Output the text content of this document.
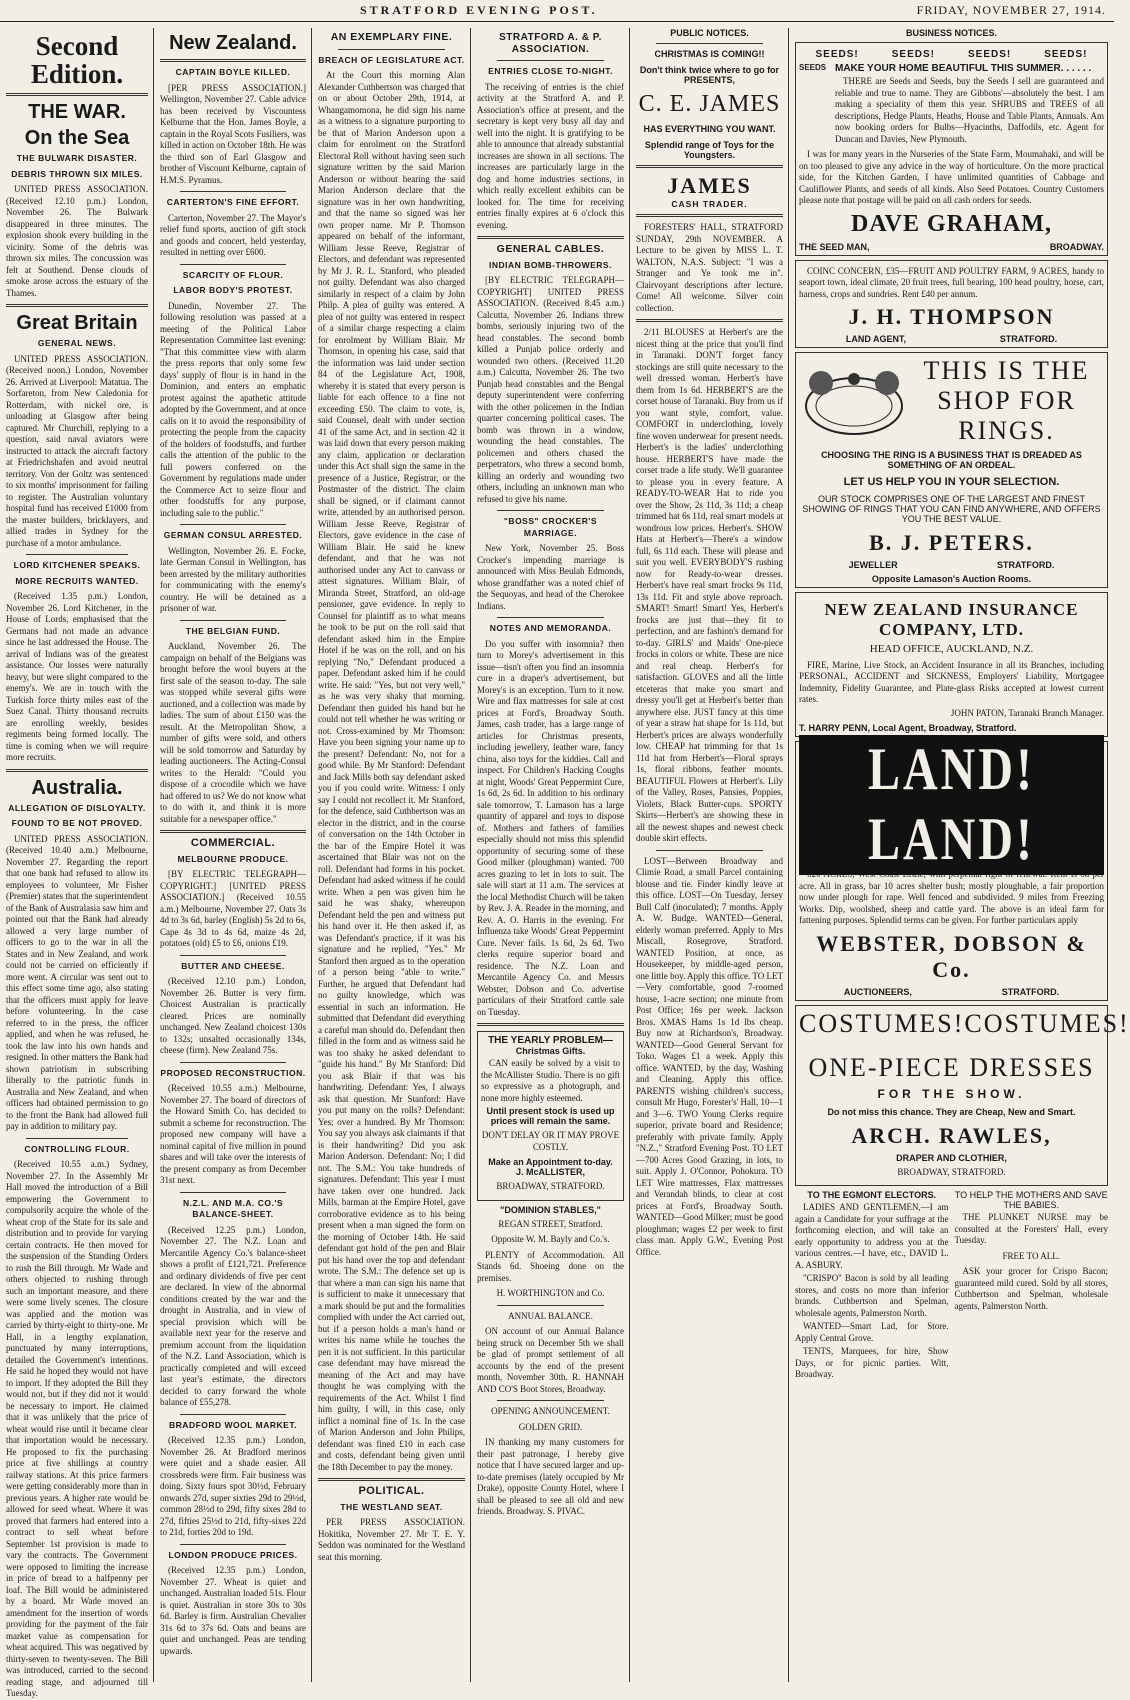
STRATFORD EVENING POST.	FRIDAY, NOVEMBER 27, 1914.
Second Edition.
THE WAR.
On the Sea
THE BULWARK DISASTER.
DEBRIS THROWN SIX MILES.

UNITED PRESS ASSOCIATION. (Received 12.10 p.m.) London, November 26. The Bulwark disappeared in three minutes. The explosion shook every building in the vicinity. Some of the debris was thrown six miles. The concussion was felt at Southend. Dense clouds of smoke arose across the estuary of the Thames.

Great Britain
GENERAL NEWS.

UNITED PRESS ASSOCIATION. (Received noon.) London, November 26. Arrived at Liverpool: Matatua. The Sorfareton, from New Caledonia for Rotterdam, with nickel ore, is unloading at Glasgow after being captured. Mr Churchill, replying to a question, said naval aviators were instructed to attack the aircraft factory at Friedrichshafen and avoid neutral territory. Von der Goltz was sentenced to six months' imprisonment for failing to register. The Australian voluntary hospital fund has received £1000 from the master builders, bricklayers, and allied trades in Sydney for the purchase of a motor ambulance.

LORD KITCHENER SPEAKS.
MORE RECRUITS WANTED.

(Received 1.35 p.m.) London, November 26. Lord Kitchener, in the House of Lords, emphasised that the Germans had not made an advance since he last addressed the House. The arrival of Indians was of the greatest assistance. Our losses were naturally heavy, but were slight compared to the enemy's. We are in touch with the Turkish force thirty miles east of the Suez Canal. Thirty thousand recruits are enrolling weekly, besides regiments being formed locally. The time is coming when we will require more recruits.

Australia.
ALLEGATION OF DISLOYALTY.
FOUND TO BE NOT PROVED.

UNITED PRESS ASSOCIATION. (Received 10.40 a.m.) Melbourne, November 27. Regarding the report that one bank had refused to allow its employees to volunteer, Mr Fisher (Premier) states that the superintendent of the Bank of Australasia saw him and pointed out that the Bank had already allowed a very large number of officers to go to the war in all the States and in New Zealand, and work could not be carried on efficiently if more went. A circular was sent out to this effect some time ago, also stating that the officers must apply for leave before volunteering. In the case referred to in the press, the officer applied, and when he was refused, he took the law into his own hands and resigned. In other matters the Bank had shown patriotism in subscribing liberally to the patriotic funds in Australia and New Zealand, and when officers had obtained permission to go to the front the Bank had allowed full pay in addition to military pay.

CONTROLLING FLOUR.

(Received 10.55 a.m.) Sydney, November 27. In the Assembly Mr Hall moved the introduction of a Bill empowering the Government to compulsorily acquire the whole of the wheat crop of the State for its sale and distribution and to provide for varying certain contracts. He then moved for the suspension of the Standing Orders to rush the Bill through. Mr Wade and others objected to rushing through such an important measure, and there were some lively scenes. The closure was applied and the motion was carried by thirty-eight to thirty-one. Mr Hall, in a lengthy explanation, punctuated by many interruptions, detailed the Government's intentions. He said he hoped they would not have to import. If they adopted the Bill they would not, but if they did not it would be necessary to import. He claimed that it was unlikely that the price of wheat would rise until it became clear that importation would be necessary. He proposed to fix the purchasing price at five shillings at country railway stations. At this price farmers were getting considerably more than in previous years. A higher rate would be allowed for seed wheat. Where it was proved that farmers had entered into a contract to sell wheat before September 1st provision is made to vary the contracts. The Government were opposed to limiting the increase in price of bread to a halfpenny per loaf. The Bill would be administered by a board. Mr Wade moved an amendment for the insertion of words providing for the payment of the fair market value as compensation for wheat acquired. This was negatived by thirty-seven to twenty-seven. The Bill was introduced, carried to the second reading stage, and adjourned till Tuesday.

New Zealand.
CAPTAIN BOYLE KILLED.

[PER PRESS ASSOCIATION.] Wellington, November 27. Cable advice has been received by Viscountess Kelburne that the Hon. James Boyle, a captain in the Royal Scots Fusiliers, was killed in action on October 18th. He was the third son of Earl Glasgow and brother of Viscount Kelburne, captain of H.M.S. Pyramus.

CARTERTON'S FINE EFFORT.

Carterton, November 27. The Mayor's relief fund sports, auction of gift stock and goods and concert, held yesterday, resulted in netting over £600.

SCARCITY OF FLOUR.
LABOR BODY'S PROTEST.

Dunedin, November 27. The following resolution was passed at a meeting of the Political Labor Representation Committee last evening: "That this committee view with alarm the press reports that only some few days' supply of flour is in hand in the Dominion, and enters an emphatic protest against the apathetic attitude adopted by the Government, and at once calls on it to avoid the responsibility of protecting the people from the capacity of the holders of foodstuffs, and further calls the attention of the public to the full powers conferred on the Government by regulations made under the Commerce Act to seize flour and other foodstuffs for any purpose, including sale to the public."

GERMAN CONSUL ARRESTED.

Wellington, November 26. E. Focke, late German Consul in Wellington, has been arrested by the military authorities for communicating with the enemy's country. He will be detained as a prisoner of war.

THE BELGIAN FUND.

Auckland, November 26. The campaign on behalf of the Belgians was brought before the wool buyers at the first sale of the season to-day. The sale was stopped while several gifts were auctioned, and a collection was made by ladies. The sum of about £150 was the result. At the Metropolitan Show, a number of gifts were sold, and others will be sold tomorrow and Saturday by leading auctioneers. The Acting-Consul writes to the Herald: "Could you dispose of a crocodile which we have had offered to us? We do not know what to do with it, and think it is more suitable for a newspaper office."

COMMERCIAL.
MELBOURNE PRODUCE.

[BY ELECTRIC TELEGRAPH—COPYRIGHT.] [UNITED PRESS ASSOCIATION.] (Received 10.55 a.m.) Melbourne, November 27. Oats 3s 4d to 3s 6d, barley (English) 5s 2d to 6s, Cape 4s 3d to 4s 6d, maize 4s 2d, potatoes (old) £5 to £6, onions £19.

BUTTER AND CHEESE.

(Received 12.10 p.m.) London, November 26. Butter is very firm. Choicest Australian is practically cleared. Prices are nominally unchanged. New Zealand choicest 130s to 132s; unsalted occasionally 134s, cheese (firm). New Zealand 75s.

PROPOSED RECONSTRUCTION.

(Received 10.55 a.m.) Melbourne, November 27. The board of directors of the Howard Smith Co. has decided to submit a scheme for reconstruction. The proposed new company will have a nominal capital of five million in pound shares and will take over the interests of the present company as from December 31st next.

N.Z.L. AND M.A. CO.'S BALANCE-SHEET.

(Received 12.25 p.m.) London, November 27. The N.Z. Loan and Mercantile Agency Co.'s balance-sheet shows a profit of £121,721. Preference and ordinary dividends of five per cent are declared. In view of the abnormal conditions created by the war and the drought in Australia, and in view of special provision which will be available next year for the reserve and premium account from the liquidation of the N.Z. Land Association, which is practically completed and will exceed last year's estimate, the directors decided to carry forward the whole balance of £55,278.

BRADFORD WOOL MARKET.

(Received 12.35 p.m.) London, November 26. At Bradford merinos were quiet and a shade easier. All crossbreds were firm. Fair business was doing. Sixty fours spot 30½d, February onwards 27d, super sixties 29d to 29½d, common 28½d to 29d, fifty sixes 28d to 27d, fifties 25½d to 21d, fifty-sixes 22d to 21d, forties 20d to 19d.

LONDON PRODUCE PRICES.

(Received 12.35 p.m.) London, November 27. Wheat is quiet and unchanged. Australian loaded 51s. Flour is quiet. Australian in store 30s to 30s 6d. Barley is firm. Australian Chevalier 31s 6d to 37s 6d. Oats and beans are quiet and unchanged. Peas are tending upwards.

AN EXEMPLARY FINE.
BREACH OF LEGISLATURE ACT.

At the Court this morning Alan Alexander Cuthbertson was charged that on or about October 29th, 1914, at Whangamomona, he did sign his name as a witness to a signature purporting to be that of Marion Anderson upon a claim for enrolment on the Stratford Electoral Roll without having seen such signature written by the said Marion Anderson or without hearing the said Marion Anderson declare that the signature was in her own handwriting, and that the name so signed was her own proper name. Mr P. Thomson appeared on behalf of the informant, William Jesse Reeve, Registrar of Electors, and defendant was represented by Mr J. R. L. Stanford, who pleaded not guilty. Defendant was also charged similarly in respect of a claim by John Philp. A plea of guilty was entered. A plea of not guilty was entered in respect of a similar charge respecting a claim for enrolment by William Blair. Mr Thomson, in opening his case, said that the information was laid under section 84 of the Legislature Act, 1908, whereby it is stated that every person is liable for each offence to a fine not exceeding £50. The claim to vote, is, said Counsel, dealt with under section 41 of the same Act, and in section 42 it was laid down that every person making any claim, application or declaration under this Act shall sign the same in the presence of a Justice, Registrar, or the Postmaster of the district. The claim shall be signed, or if claimant cannot write, attended by an authorised person. William Jesse Reeve, Registrar of Electors, gave evidence in the case of William Blair. He said he knew defendant, and that he was not authorised under any Act to canvass or attest signatures. William Blair, of Miranda Street, Stratford, an old-age pensioner, gave evidence. In reply to Counsel for plaintiff as to what means he took to be put on the roll said that defendant asked him in the Empire Hotel if he was on the roll, and on his replying "No," Defendant produced a paper. Defendant asked him if he could write. He said: "Yes, but not very well," as he was very shaky that morning. Defendant then guided his hand but he could not tell whether he was writing or not. Cross-examined by Mr Thomson: Have you been signing your name up to the present? Defendant: No, not for a good while. By Mr Stanford: Defendant and Jack Mills both say defendant asked you if you could write. Witness: I only say I could not recollect it. Mr Stanford, for the defence, said Cuthbertson was an elector in the district, and in the course of conversation on the 14th October in the bar of the Empire Hotel it was ascertained that Blair was not on the roll. Defendant had forms in his pocket. Defendant had asked witness if he could write. When a pen was given him he said he was shaky, whereupon Defendant held the pen and witness put his hand over it. He then asked if, as was Defendant's practice, if it was his signature and he replied, "Yes." Mr Stanford then argued as to the operation of a person being "able to write." Further, he argued that Defendant had no guilty knowledge, which was essential in such an information. He submitted that Defendant did everything a careful man should do. Defendant then filled in the form and as witness said he was too shaky he asked defendant to "guide his hand." By Mr Stanford: Did you ask Blair if that was his handwriting. Defendant: Yes, I always ask that question. Mr Stanford: Have you put many on the rolls? Defendant: Yes; over a hundred. By Mr Thomson: You say you always ask claimants if that is their handwriting? Did you ask Marion Anderson. Defendant: No; I did not. The S.M.: You take hundreds of signatures. Defendant: This year I must have taken over one hundred. Jack Mills, barman at the Empire Hotel, gave corroborative evidence as to his being present when a man signed the form on the morning of October 14th. He said defendant got hold of the pen and Blair put his hand over the top and defendant wrote. The S.M.: The defence set up is that where a man can sign his name that is sufficient to make it unnecessary that a mark should be put and the formalities complied with under the Act carried out, but if a person holds a man's hand or writes his name while he touches the pen it is not sufficient. In this particular case defendant may have misread the meaning of the Act and may have thought he was complying with the requirements of the Act. Whilst I find him guilty, I will, in this case, only inflict a nominal fine of 1s. In the case of Marion Anderson and John Philips, defendant was fined £10 in each case and costs, defendant being given until the 18th December to pay the money.

POLITICAL.
THE WESTLAND SEAT.

PER PRESS ASSOCIATION. Hokitika, November 27. Mr T. E. Y. Seddon was nominated for the Westland seat this morning.

STRATFORD A. & P. ASSOCIATION.
ENTRIES CLOSE TO-NIGHT.

The receiving of entries is the chief activity at the Stratford A. and P. Association's office at present, and the secretary is kept very busy all day and well into the night. It is gratifying to be able to announce that already substantial increases are shown in all sections. The increases are particularly large in the dog and home industries sections, in which really excellent exhibits can be looked for. The time for receiving entries finally expires at 6 o'clock this evening.

GENERAL CABLES.
INDIAN BOMB-THROWERS.

[BY ELECTRIC TELEGRAPH—COPYRIGHT] UNITED PRESS ASSOCIATION. (Received 8.45 a.m.) Calcutta, November 26. Indians threw bombs, seriously injuring two of the head constables. The second bomb killed a Punjab police orderly and wounded two others. (Received 11.20 a.m.) Calcutta, November 26. The two Punjab head constables and the Bengal deputy superintendent were conferring with the other policemen in the Indian quarter concerning political cases. The bomb was thrown in a window, wounding the head constables. The policemen and others chased the perpetrators, who threw a second bomb, killing an orderly and wounding two others, including an unknown man who refused to give his name.

"BOSS" CROCKER'S MARRIAGE.

New York, November 25. Boss Crocker's impending marriage is announced with Miss Beulah Edmonds, whose grandfather was a noted chief of the Sequoyas, and head of the Cherokee Indians.

NOTES AND MEMORANDA.

Do you suffer with insomnia? then turn to Morey's advertisement in this issue—tisn't often you find an insomnia cure in a draper's advertisement, but Morey's is an exception. Turn to it now. Wire and flax mattresses for sale at cost prices at Ford's, Broadway South. James, cash trader, has a large range of articles for Christmas presents, including jewellery, leather ware, fancy china, also toys for the kiddies. Call and inspect. For Children's Hacking Coughs at night, Woods' Great Peppermint Cure, 1s 6d, 2s 6d. In addition to his ordinary sale tomorrow, T. Lamason has a large quantity of apparel and toys to dispose of. Mothers and fathers of families especially should not miss this splendid opportunity of securing some of these Good milker (ploughman) wanted. 700 acres grazing to let in lots to suit. The sale will start at 11 a.m. The services at the local Methodist Church will be taken by Rev. J. A. Reader in the morning, and Rev. A. O. Harris in the evening. For Influenza take Woods' Great Peppermint Cure. Never fails. 1s 6d, 2s 6d. Two clerks require superior board and residence. The N.Z. Loan and Mercantile Agency Co. and Messrs Webster, Dobson and Co. advertise particulars of their Stratford cattle sale on Tuesday.

THE YEARLY PROBLEM—
Christmas Gifts.

CAN easily be solved by a visit to the McAllister Studio. There is no gift so expressive as a photograph, and none more highly esteemed.

Until present stock is used up prices will remain the same.
DON'T DELAY OR IT MAY PROVE COSTLY.
Make an Appointment to-day.
J. McALLISTER,
BROADWAY, STRATFORD.
"DOMINION STABLES,"
REGAN STREET, Stratford.
Opposite W. M. Bayly and Co.'s.

PLENTY of Accommodation. All Stands 6d. Shoeing done on the premises.

H. WORTHINGTON and Co.
ANNUAL BALANCE.

ON account of our Annual Balance being struck on December 5th we shall be glad of prompt settlement of all accounts by the end of the present month, November 30th. R. HANNAH AND CO'S Boot Stores, Broadway.

OPENING ANNOUNCEMENT.
GOLDEN GRID.

IN thanking my many customers for their past patronage, I hereby give notice that I have secured larger and up-to-date premises (lately occupied by Mr Drake), opposite County Hotel, where I shall be pleased to see all old and new friends. Broadway. S. PIVAC.

PUBLIC NOTICES.
CHRISTMAS IS COMING!!
Don't think twice where to go for PRESENTS,
C. E. JAMES
HAS EVERYTHING YOU WANT.
Splendid range of Toys for the Youngsters.
JAMES
CASH TRADER.

FORESTERS' HALL, STRATFORD SUNDAY, 29th NOVEMBER. A Lecture to be given by MISS L. T. WALTON, N.A.S. Subject: "I was a Stranger and Ye took me in". Clairvoyant descriptions after lecture. Come! All welcome. Silver coin collection.

2/11 BLOUSES at Herbert's are the nicest thing at the price that you'll find in Taranaki. DON'T forget fancy stockings are still quite necessary to the well dressed woman. Herbert's have them from 1s 6d. HERBERT'S are the corset house of Taranaki. Buy from us if you want style, comfort, value. COMFORT in underclothing, lovely fine woven underwear for present needs. Herbert's is the ladies' underclothing house. HERBERT'S have made the corset trade a life study. We'll guarantee to please you in every feature. A READY-TO-WEAR Hat to ride you over the Show, 2s 11d, 3s 11d; a cheap trimmed hat 6s 11d, real smart models at wondrous low prices. Herbert's. SHOW Hats at Herbert's—There's a window full, 6s 11d each. These will please and suit you well. EVERYBODY'S rushing now for Ready-to-wear dresses. Herbert's have real smart frocks 9s 11d, 13s 11d. Fit and style above reproach. SMART! Smart! Smart! Yes, Herbert's frocks are just that—they fit to perfection, and are fashion's demand for to-day. GIRLS' and Maids' One-piece frocks in colors or white. These are nice and real cheap. Herbert's for satisfaction. GLOVES and all the little etceteras that make you smart and dressy you'll get at Herbert's better than anywhere else. JUST fancy at this time of year a straw hat shape for 1s 11d, but Herbert's prices are always wonderfully low. CHEAP hat trimming for that 1s 11d hat from Herbert's—Floral sprays 1s, floral ribbons, feather mounts. BEAUTIFUL Flowers at Herbert's. Lily of the Valley, Roses, Pansies, Poppies, Violets, Black Butter-cups. SPORTY Skirts—Herbert's are showing these in all the newest shapes and newest check double skirt effects.

LOST—Between Broadway and Climie Road, a small Parcel containing blouse and tie. Finder kindly leave at this office. LOST—On Tuesday, Jersey Bull Calf (inoculated); 7 months. Apply A. W. Budge. WANTED—General, elderly woman preferred. Apply to Mrs Miscall, Rosegrove, Stratford. WANTED Position, at once, as Housekeeper, by middle-aged person, one little boy. Apply this office. TO LET—Very comfortable, good 7-roomed house, 1-acre section; one minute from Post Office; 16s per week. Jackson Bros. XMAS Hams 1s 1d lbs cheap. Buy now at Richardson's, Broadway. WANTED—Good General Servant for Toko. Wages £1 a week. Apply this office. WANTED, by the day, Washing and Cleaning. Apply this office. PARENTS wishing children's success, consult Mr Hugo, Forester's' Hall, 10—1 and 3—6. TWO Young Clerks require superior, private board and Residence; preferably with private family. Apply "N.Z.," Stratford Evening Post. TO LET—700 Acres Good Grazing, in lots, to suit. Apply J. O'Connor, Pohokura. TO LET Wire mattresses, Flax mattresses and Verandah blinds, to clear at cost prices at Ford's, Broadway South. WANTED—Good Milker; must be good ploughman; wages £2 per week to first class man. Apply G.W., Evening Post Office.

BUSINESS NOTICES.
SEEDS!	SEEDS!	SEEDS!	SEEDS!
SEEDS MAKE YOUR HOME BEAUTIFUL THIS SUMMER. . . . . .

THERE are Seeds and Seeds, buy the Seeds I sell are guaranteed and reliable and true to name. They are Gibbons'—absolutely the best. I am making a speciality of them this year. SHRUBS and TREES of all descriptions, Hedge Plants, Heaths, House and Table Plants, Annuals. Am now booking orders for Bulbs—Hyacinths, Daffodils, etc. Agent for Duncan and Davies, New Plymouth.

I was for many years in the Nurseries of the State Farm, Moumahaki, and will be on too pleased to give any advice in the way of horticulture. On the more practical side, for the Kitchen Garden, I have unlimited quantities of Cabbage and Cauliflower Plants, and seeds of all kinds. Also Seed Potatoes. Country Customers please note that postage will be paid on all cash orders for seeds.

DAVE GRAHAM,
THE SEED MAN,	BROADWAY.

COINC CONCERN, £35—FRUIT AND POULTRY FARM, 9 ACRES, handy to seaport town, ideal climate, 20 fruit trees, full bearing, 100 head poultry, horse, cart, harness, crops and sundries. Rent £40 per annum.

J. H. THOMPSON
LAND AGENT,	STRATFORD.
THIS IS THE
SHOP FOR
RINGS.
CHOOSING THE RING IS A BUSINESS THAT IS DREADED AS SOMETHING OF AN ORDEAL.
LET US HELP YOU IN YOUR SELECTION.
OUR STOCK COMPRISES ONE OF THE LARGEST AND FINEST SHOWING OF RINGS THAT YOU CAN FIND ANYWHERE, AND OFFERS YOU THE BEST VALUE.
B. J. PETERS.
JEWELLER	STRATFORD.
Opposite Lamason's Auction Rooms.
NEW ZEALAND INSURANCE COMPANY, LTD.
HEAD OFFICE, AUCKLAND, N.Z.

FIRE, Marine, Live Stock, an Accident Insurance in all its Branches, including PERSONAL, ACCIDENT and SICKNESS, Employers' Liability, Mortgagee Indemnity, Fidelity Guarantee, and Plate-glass Risks accepted at lowest current rates.

JOHN PATON, Taranaki Branch Manager.
T. HARRY PENN, Local Agent, Broadway, Stratford.
LAND! LAND!

acre. All in grass, bar 10 acres shelter bush; mostly ploughable, a fair proportion now under plough for rape. Well fenced and subdivided. 9 miles from Freezing Works. Dip, woolshed, sheep and cattle yard. The above is an ideal farm for fattening purposes. Splendid terms can be given. For further particulars apply

WEBSTER, DOBSON & Co.
AUCTIONEERS,	STRATFORD.
COSTUMES! COSTUMES!
ONE-PIECE DRESSES
FOR THE SHOW.
Do not miss this chance. They are Cheap, New and Smart.
ARCH. RAWLES,
DRAPER AND CLOTHIER,
BROADWAY, STRATFORD.
TO THE EGMONT ELECTORS.

LADIES AND GENTLEMEN,—I am again a Candidate for your suffrage at the forthcoming election, and will take an early opportunity to address you at the various centres.—I have, etc., DAVID L. A. ASBURY.

"CRISPO" Bacon is sold by all leading stores, and costs no more than inferior brands. Cuthbertson and Spelman, wholesale agents, Palmerston North.

WANTED—Smart Lad, for Store. Apply Central Grove.

TENTS, Marquees, for hire, Show Days, or for picnic parties. Witt, Broadway.

TO HELP THE MOTHERS AND SAVE THE BABIES.

THE PLUNKET NURSE may be consulted at the Foresters' Hall, every Tuesday.

FREE TO ALL.

ASK your grocer for Crispo Bacon; guaranteed mild cured. Sold by all stores, Cuthbertson and Spelman, wholesale agents, Palmerston North.
